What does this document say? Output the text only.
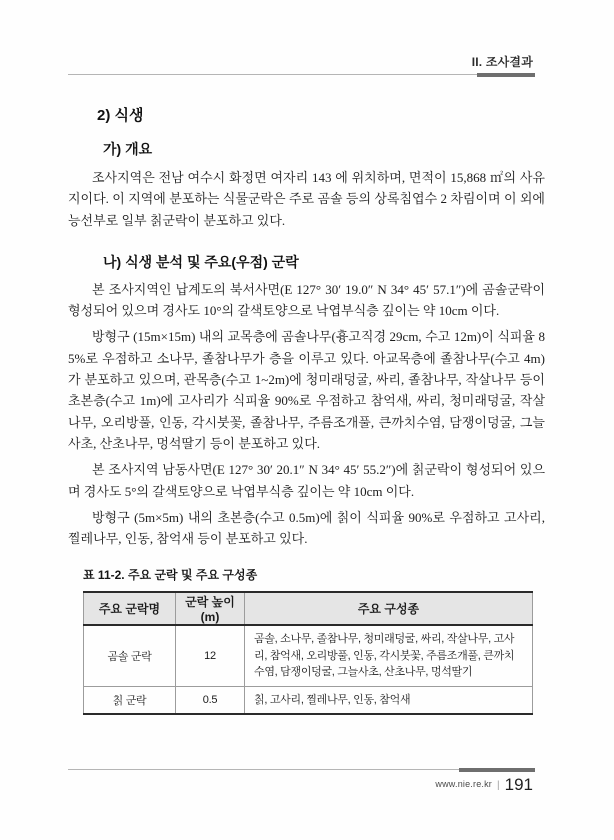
II. 조사결과
2) 식생
가) 개요

조사지역은 전남 여수시 화정면 여자리 143 에 위치하며, 면적이 15,868 ㎡의 사유지이다. 이 지역에 분포하는 식물군락은 주로 곰솔 등의 상록침엽수 2 차림이며 이 외에 능선부로 일부 칡군락이 분포하고 있다.

나) 식생 분석 및 주요(우점) 군락

본 조사지역인 납계도의 북서사면(E 127° 30′ 19.0″ N 34° 45′ 57.1″)에 곰솔군락이 형성되어 있으며 경사도 10°의 갈색토양으로 낙엽부식층 깊이는 약 10cm 이다.

방형구 (15m×15m) 내의 교목층에 곰솔나무(흉고직경 29cm, 수고 12m)이 식피율 85%로 우점하고 소나무, 졸참나무가 층을 이루고 있다. 아교목층에 졸참나무(수고 4m)가 분포하고 있으며, 관목층(수고 1~2m)에 청미래덩굴, 싸리, 졸참나무, 작살나무 등이 초본층(수고 1m)에 고사리가 식피율 90%로 우점하고 참억새, 싸리, 청미래덩굴, 작살나무, 오리방풀, 인동, 각시붓꽃, 졸참나무, 주름조개풀, 큰까치수염, 담쟁이덩굴, 그늘사초, 산초나무, 멍석딸기 등이 분포하고 있다.

본 조사지역 남동사면(E 127° 30′ 20.1″ N 34° 45′ 55.2″)에 칡군락이 형성되어 있으며 경사도 5°의 갈색토양으로 낙엽부식층 깊이는 약 10cm 이다.

방형구 (5m×5m) 내의 초본층(수고 0.5m)에 칡이 식피율 90%로 우점하고 고사리, 찔레나무, 인동, 참억새 등이 분포하고 있다.

표 11-2. 주요 군락 및 주요 구성종
주요 군락명	군락 높이(m)	주요 구성종
곰솔 군락	12	곰솔, 소나무, 졸참나무, 청미래덩굴, 싸리, 작살나무, 고사리, 참억새, 오리방풀, 인동, 각시붓꽃, 주름조개풀, 큰까치수염, 담쟁이덩굴, 그늘사초, 산초나무, 멍석딸기
칡 군락	0.5	칡, 고사리, 찔레나무, 인동, 참억새
www.nie.re.kr | 191
